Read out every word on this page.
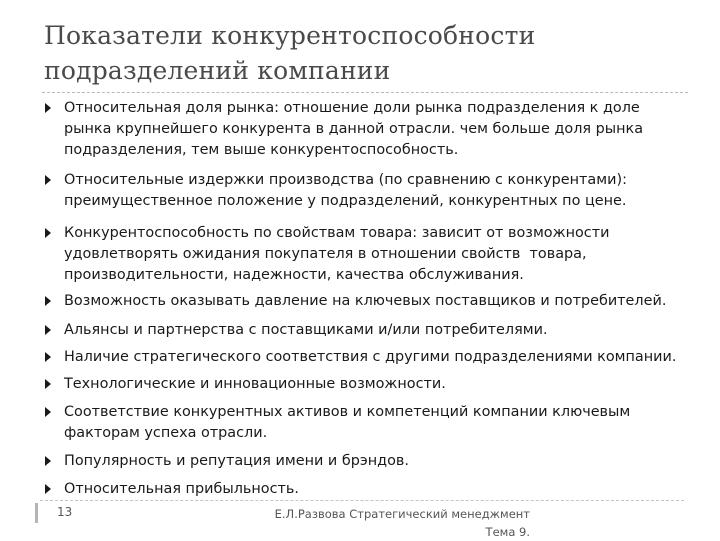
Показатели конкурентоспособности
подразделений компании
Относительная доля рынка: отношение доли рынка подразделения к доле
рынка крупнейшего конкурента в данной отрасли. чем больше доля рынка
подразделения, тем выше конкурентоспособность.
Относительные издержки производства (по сравнению с конкурентами):
преимущественное положение у подразделений, конкурентных по цене.
Конкурентоспособность по свойствам товара: зависит от возможности
удовлетворять ожидания покупателя в отношении свойств  товара,
производительности, надежности, качества обслуживания.
Возможность оказывать давление на ключевых поставщиков и потребителей.
Альянсы и партнерства с поставщиками и/или потребителями.
Наличие стратегического соответствия с другими подразделениями компании.
Технологические и инновационные возможности.
Соответствие конкурентных активов и компетенций компании ключевым
факторам успеха отрасли.
Популярность и репутация имени и брэндов.
Относительная прибыльность.
13	Е.Л.Развова Стратегический менеджмент
Тема 9.
